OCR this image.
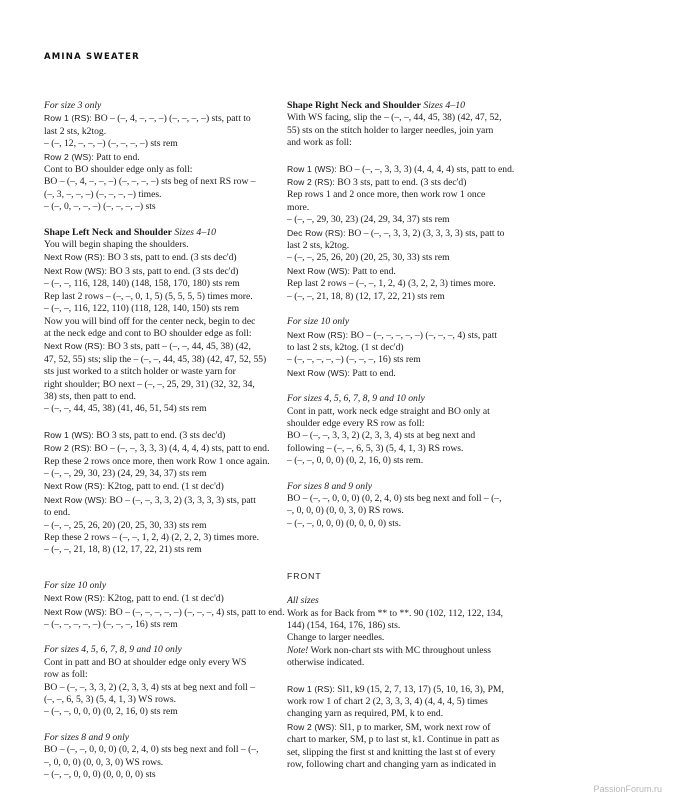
AMINA SWEATER
For size 3 only
Row 1 (RS): BO – (–, 4, –, –, –) (–, –, –, –) sts, patt to
last 2 sts, k2tog.
– (–, 12, –, –, –) (–, –, –, –) sts rem
Row 2 (WS): Patt to end.
Cont to BO shoulder edge only as foll:
BO – (–, 4, –, –, –) (–, –, –, –) sts beg of next RS row –
(–, 3, –, –, –) (–, –, –, –) times.
– (–, 0, –, –, –) (–, –, –, –) sts
Shape Left Neck and Shoulder Sizes 4–10
You will begin shaping the shoulders.
Next Row (RS): BO 3 sts, patt to end. (3 sts dec'd)
Next Row (WS): BO 3 sts, patt to end. (3 sts dec'd)
– (–, –, 116, 128, 140) (148, 158, 170, 180) sts rem
Rep last 2 rows – (–, –, 0, 1, 5) (5, 5, 5, 5) times more.
– (–, –, 116, 122, 110) (118, 128, 140, 150) sts rem
Now you will bind off for the center neck, begin to dec
at the neck edge and cont to BO shoulder edge as foll:
Next Row (RS): BO 3 sts, patt – (–, –, 44, 45, 38) (42,
47, 52, 55) sts; slip the – (–, –, 44, 45, 38) (42, 47, 52, 55)
sts just worked to a stitch holder or waste yarn for
right shoulder; BO next – (–, –, 25, 29, 31) (32, 32, 34,
38) sts, then patt to end.
– (–, –, 44, 45, 38) (41, 46, 51, 54) sts rem
Row 1 (WS): BO 3 sts, patt to end. (3 sts dec'd)
Row 2 (RS): BO – (–, –, 3, 3, 3) (4, 4, 4, 4) sts, patt to end.
Rep these 2 rows once more, then work Row 1 once again.
– (–, –, 29, 30, 23) (24, 29, 34, 37) sts rem
Next Row (RS): K2tog, patt to end. (1 st dec'd)
Next Row (WS): BO – (–, –, 3, 3, 2) (3, 3, 3, 3) sts, patt
to end.
– (–, –, 25, 26, 20) (20, 25, 30, 33) sts rem
Rep these 2 rows – (–, –, 1, 2, 4) (2, 2, 2, 3) times more.
– (–, –, 21, 18, 8) (12, 17, 22, 21) sts rem
For size 10 only
Next Row (RS): K2tog, patt to end. (1 st dec'd)
Next Row (WS): BO – (–, –, –, –, –) (–, –, –, 4) sts, patt to end.
– (–, –, –, –, –) (–, –, –, 16) sts rem
For sizes 4, 5, 6, 7, 8, 9 and 10 only
Cont in patt and BO at shoulder edge only every WS
row as foll:
BO – (–, –, 3, 3, 2) (2, 3, 3, 4) sts at beg next and foll –
(–, –, 6, 5, 3) (5, 4, 1, 3) WS rows.
– (–, –, 0, 0, 0) (0, 2, 16, 0) sts rem
For sizes 8 and 9 only
BO – (–, –, 0, 0, 0) (0, 2, 4, 0) sts beg next and foll – (–,
–, 0, 0, 0) (0, 0, 3, 0) WS rows.
– (–, –, 0, 0, 0) (0, 0, 0, 0) sts
Shape Right Neck and Shoulder Sizes 4–10
With WS facing, slip the – (–, –, 44, 45, 38) (42, 47, 52,
55) sts on the stitch holder to larger needles, join yarn
and work as foll:
Row 1 (WS): BO – (–, –, 3, 3, 3) (4, 4, 4, 4) sts, patt to end.
Row 2 (RS): BO 3 sts, patt to end. (3 sts dec'd)
Rep rows 1 and 2 once more, then work row 1 once
more.
– (–, –, 29, 30, 23) (24, 29, 34, 37) sts rem
Dec Row (RS): BO – (–, –, 3, 3, 2) (3, 3, 3, 3) sts, patt to
last 2 sts, k2tog.
– (–, –, 25, 26, 20) (20, 25, 30, 33) sts rem
Next Row (WS): Patt to end.
Rep last 2 rows – (–, –, 1, 2, 4) (3, 2, 2, 3) times more.
– (–, –, 21, 18, 8) (12, 17, 22, 21) sts rem
For size 10 only
Next Row (RS): BO – (–, –, –, –, –) (–, –, –, 4) sts, patt
to last 2 sts, k2tog. (1 st dec'd)
– (–, –, –, –, –) (–, –, –, 16) sts rem
Next Row (WS): Patt to end.
For sizes 4, 5, 6, 7, 8, 9 and 10 only
Cont in patt, work neck edge straight and BO only at
shoulder edge every RS row as foll:
BO – (–, –, 3, 3, 2) (2, 3, 3, 4) sts at beg next and
following – (–, –, 6, 5, 3) (5, 4, 1, 3) RS rows.
– (–, –, 0, 0, 0) (0, 2, 16, 0) sts rem.
For sizes 8 and 9 only
BO – (–, –, 0, 0, 0) (0, 2, 4, 0) sts beg next and foll – (–,
–, 0, 0, 0) (0, 0, 3, 0) RS rows.
– (–, –, 0, 0, 0) (0, 0, 0, 0) sts.
FRONT
All sizes
Work as for Back from ** to **. 90 (102, 112, 122, 134,
144) (154, 164, 176, 186) sts.
Change to larger needles.
Note! Work non-chart sts with MC throughout unless
otherwise indicated.
Row 1 (RS): Sl1, k9 (15, 2, 7, 13, 17) (5, 10, 16, 3), PM,
work row 1 of chart 2 (2, 3, 3, 3, 4) (4, 4, 4, 5) times
changing yarn as required, PM, k to end.
Row 2 (WS): Sl1, p to marker, SM, work next row of
chart to marker, SM, p to last st, k1. Continue in patt as
set, slipping the first st and knitting the last st of every
row, following chart and changing yarn as indicated in
PassionForum.ru
